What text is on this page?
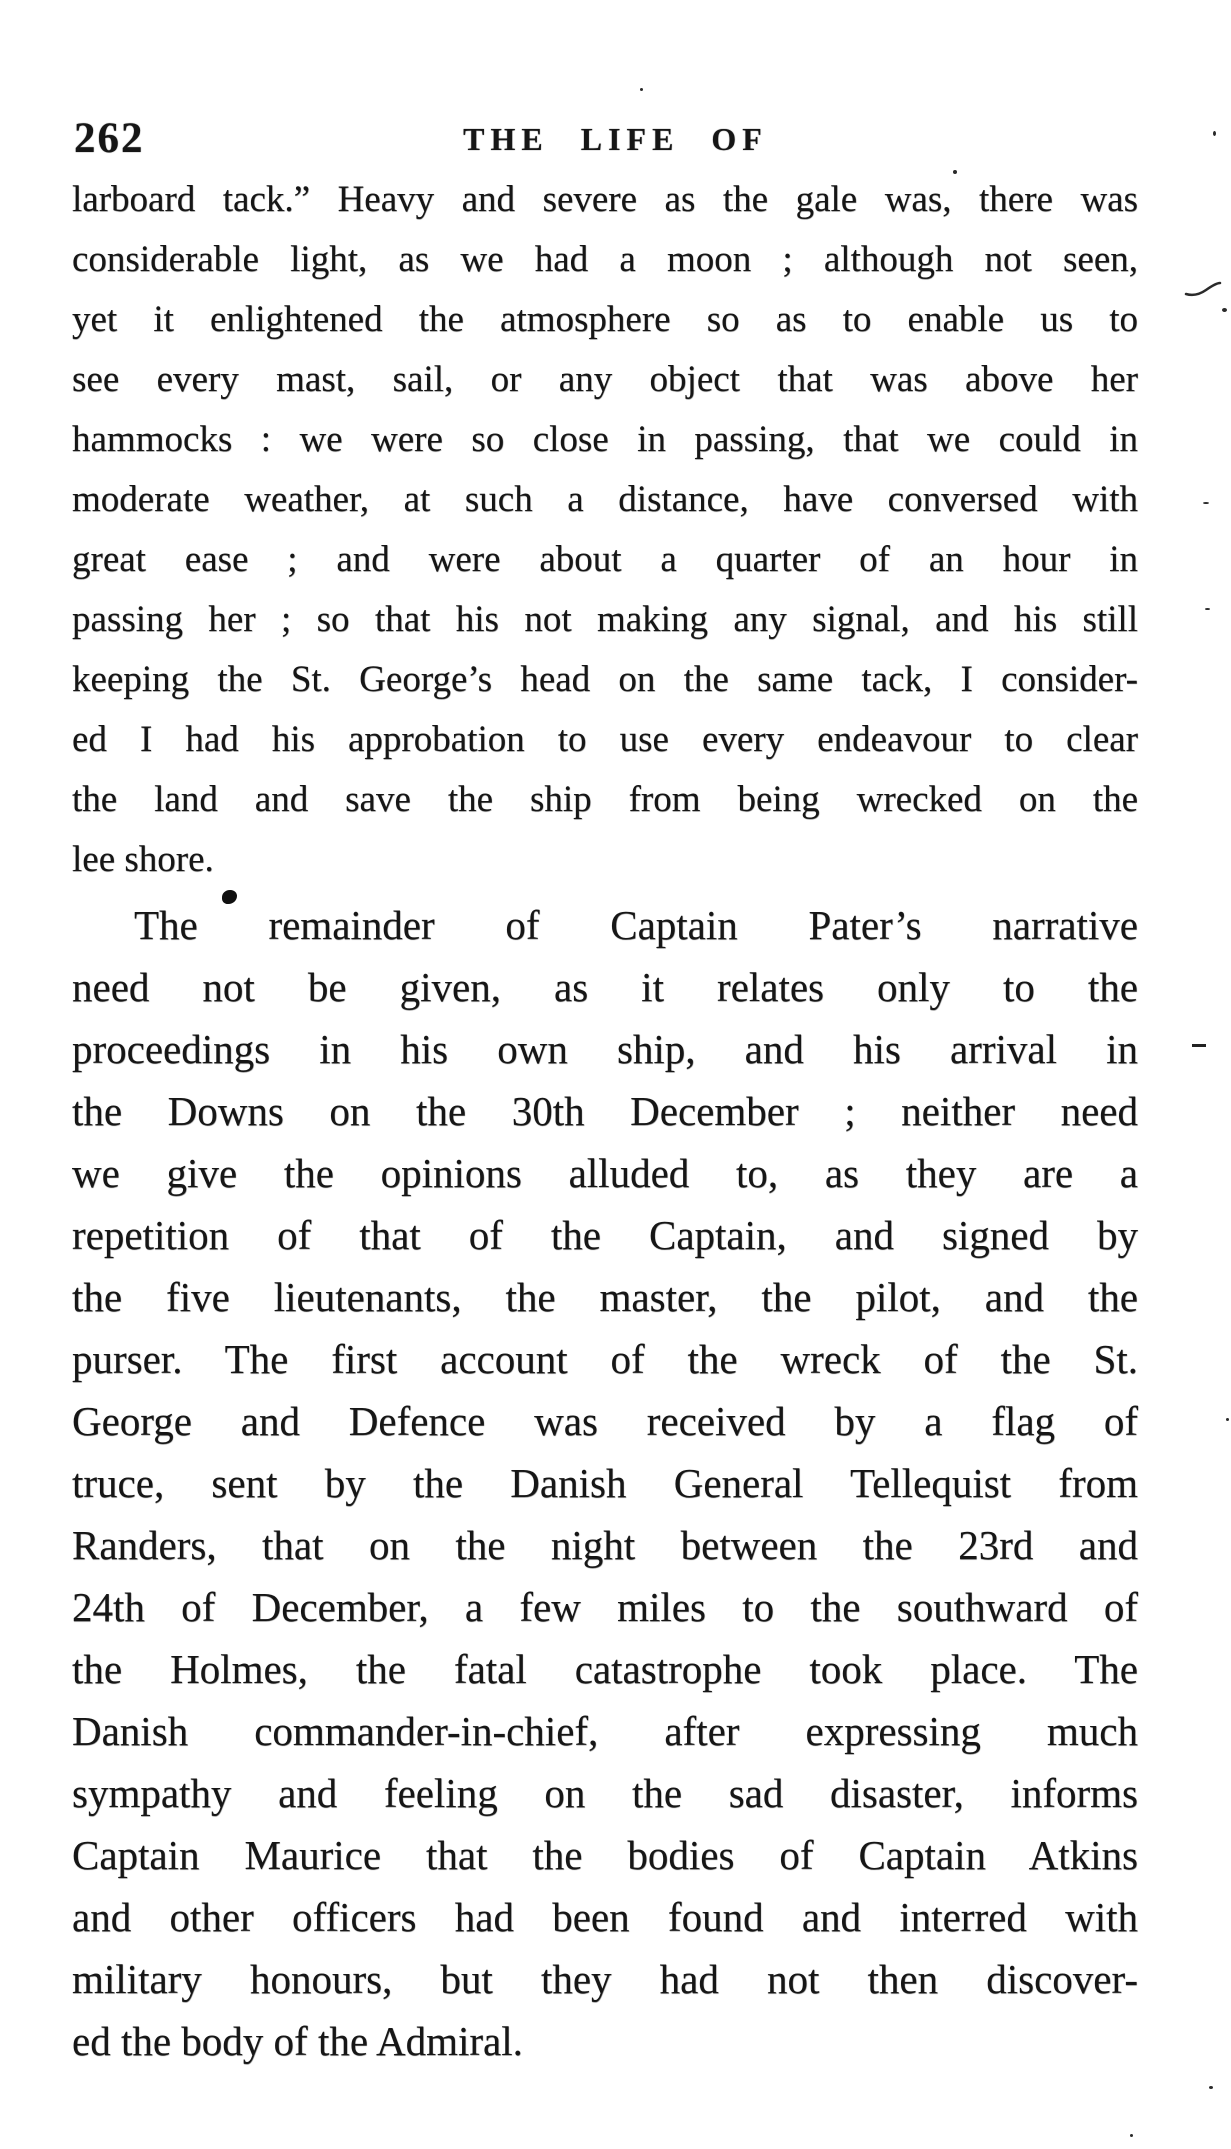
262	THE LIFE OF
larboard tack.” Heavy and severe as the gale was, there was
considerable light, as we had a moon ; although not seen,
yet it enlightened the atmosphere so as to enable us to
see every mast, sail, or any object that was above her
hammocks : we were so close in passing, that we could in
moderate weather, at such a distance, have conversed with
great ease ; and were about a quarter of an hour in
passing her ; so that his not making any signal, and his still
keeping the St. George’s head on the same tack, I consider-
ed I had his approbation to use every endeavour to clear
the land and save the ship from being wrecked on the
lee shore.
The remainder of Captain Pater’s narrative
need not be given, as it relates only to the
proceedings in his own ship, and his arrival in
the Downs on the 30th December ; neither need
we give the opinions alluded to, as they are a
repetition of that of the Captain, and signed by
the five lieutenants, the master, the pilot, and the
purser. The first account of the wreck of the St.
George and Defence was received by a flag of
truce, sent by the Danish General Tellequist from
Randers, that on the night between the 23rd and
24th of December, a few miles to the southward of
the Holmes, the fatal catastrophe took place. The
Danish commander-in-chief, after expressing much
sympathy and feeling on the sad disaster, informs
Captain Maurice that the bodies of Captain Atkins
and other officers had been found and interred with
military honours, but they had not then discover-
ed the body of the Admiral.
